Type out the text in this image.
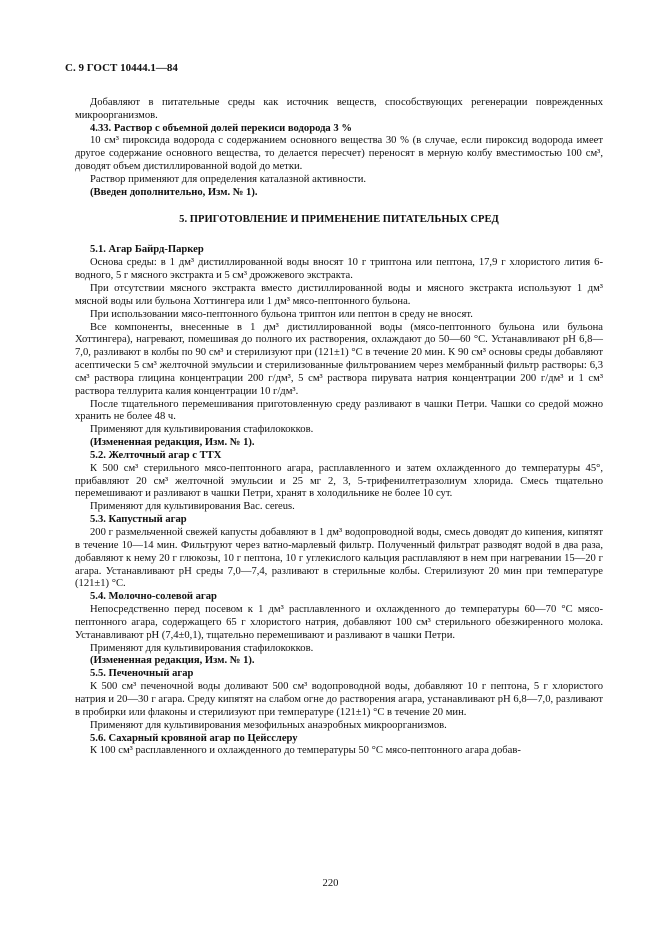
С. 9 ГОСТ 10444.1—84

Добавляют в питательные среды как источник веществ, способствующих регенерации поврежденных микроорганизмов.

4.33. Раствор с объемной долей перекиси водорода 3 %

10 см³ пироксида водорода с содержанием основного вещества 30 % (в случае, если пироксид водорода имеет другое содержание основного вещества, то делается пересчет) переносят в мерную колбу вместимостью 100 см³, доводят объем дистиллированной водой до метки.

Раствор применяют для определения каталазной активности.

(Введен дополнительно, Изм. № 1).

5. ПРИГОТОВЛЕНИЕ И ПРИМЕНЕНИЕ ПИТАТЕЛЬНЫХ СРЕД

5.1. Агар Байрд-Паркер

Основа среды: в 1 дм³ дистиллированной воды вносят 10 г триптона или пептона, 17,9 г хлористого лития 6-водного, 5 г мясного экстракта и 5 см³ дрожжевого экстракта.

При отсутствии мясного экстракта вместо дистиллированной воды и мясного экстракта используют 1 дм³ мясной воды или бульона Хоттингера или 1 дм³ мясо-пептонного бульона.

При использовании мясо-пептонного бульона триптон или пептон в среду не вносят.

Все компоненты, внесенные в 1 дм³ дистиллированной воды (мясо-пептонного бульона или бульона Хоттингера), нагревают, помешивая до полного их растворения, охлаждают до 50—60 °С. Устанавливают pH 6,8—7,0, разливают в колбы по 90 см³ и стерилизуют при (121±1) °С в течение 20 мин. К 90 см³ основы среды добавляют асептически 5 см³ желточной эмульсии и стерилизованные фильтрованием через мембранный фильтр растворы: 6,3 см³ раствора глицина концентрации 200 г/дм³, 5 см³ раствора пирувата натрия концентрации 200 г/дм³ и 1 см³ раствора теллурита калия концентрации 10 г/дм³.

После тщательного перемешивания приготовленную среду разливают в чашки Петри. Чашки со средой можно хранить не более 48 ч.

Применяют для культивирования стафилококков.

(Измененная редакция, Изм. № 1).

5.2. Желточный агар с ТТХ

К 500 см³ стерильного мясо-пептонного агара, расплавленного и затем охлажденного до температуры 45°, прибавляют 20 см³ желточной эмульсии и 25 мг 2, 3, 5-трифенилтетразолиум хлорида. Смесь тщательно перемешивают и разливают в чашки Петри, хранят в холодильнике не более 10 сут.

Применяют для культивирования Bac. cereus.

5.3. Капустный агар

200 г размельченной свежей капусты добавляют в 1 дм³ водопроводной воды, смесь доводят до кипения, кипятят в течение 10—14 мин. Фильтруют через ватно-марлевый фильтр. Полученный фильтрат разводят водой в два раза, добавляют к нему 20 г глюкозы, 10 г пептона, 10 г углекислого кальция расплавляют в нем при нагревании 15—20 г агара. Устанавливают pH среды 7,0—7,4, разливают в стерильные колбы. Стерилизуют 20 мин при температуре (121±1) °С.

5.4. Молочно-солевой агар

Непосредственно перед посевом к 1 дм³ расплавленного и охлажденного до температуры 60—70 °С мясо-пептонного агара, содержащего 65 г хлористого натрия, добавляют 100 см³ стерильного обезжиренного молока. Устанавливают pH (7,4±0,1), тщательно перемешивают и разливают в чашки Петри.

Применяют для культивирования стафилококков.

(Измененная редакция, Изм. № 1).

5.5. Печеночный агар

К 500 см³ печеночной воды доливают 500 см³ водопроводной воды, добавляют 10 г пептона, 5 г хлористого натрия и 20—30 г агара. Среду кипятят на слабом огне до растворения агара, устанавливают pH 6,8—7,0, разливают в пробирки или флаконы и стерилизуют при температуре (121±1) °С в течение 20 мин.

Применяют для культивирования мезофильных анаэробных микроорганизмов.

5.6. Сахарный кровяной агар по Цейсслеру

К 100 см³ расплавленного и охлажденного до температуры 50 °С мясо-пептонного агара добав-

220
